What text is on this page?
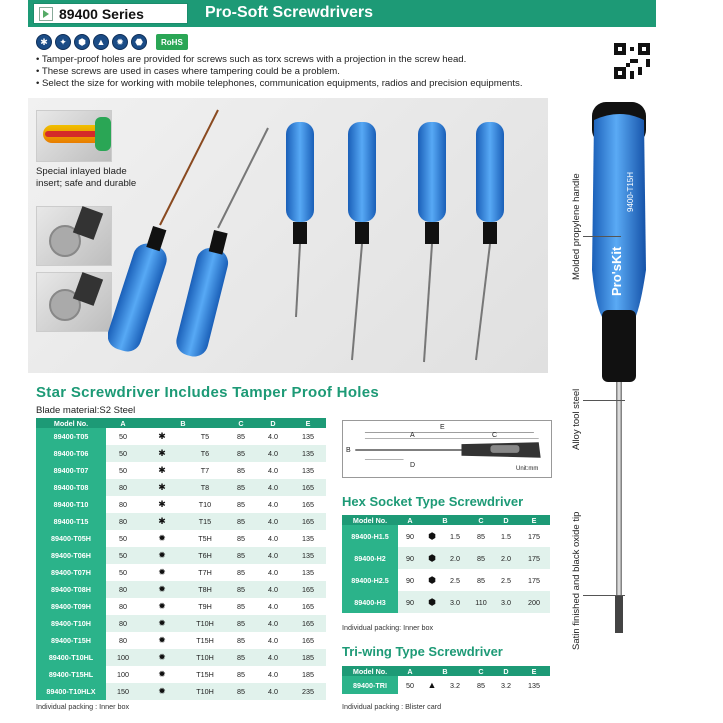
89400 Series	Pro-Soft Screwdrivers
✱	✦	⬢	▲	✹	⬣	RoHS
• Tamper-proof holes are provided for screws such as torx screws with a projection in the screw head.
• These screws are used in cases where tampering could be a problem.
• Select the size for working with mobile telephones, communication equipments, radios and precision equipments.
Special inlayed blade
insert; safe and durable
Pro'sKit
9400-T15H
Molded propylene handle
Alloy tool steel
Satin finished and black oxide tip
Star Screwdriver Includes Tamper Proof Holes
Blade material:S2 Steel
Model No.	A	B		C	D	E
89400-T05	50	✱	T5	85	4.0	135
89400-T06	50	✱	T6	85	4.0	135
89400-T07	50	✱	T7	85	4.0	135
89400-T08	80	✱	T8	85	4.0	165
89400-T10	80	✱	T10	85	4.0	165
89400-T15	80	✱	T15	85	4.0	165
89400-T05H	50	✹	T5H	85	4.0	135
89400-T06H	50	✹	T6H	85	4.0	135
89400-T07H	50	✹	T7H	85	4.0	135
89400-T08H	80	✹	T8H	85	4.0	165
89400-T09H	80	✹	T9H	85	4.0	165
89400-T10H	80	✹	T10H	85	4.0	165
89400-T15H	80	✹	T15H	85	4.0	165
89400-T10HL	100	✹	T10H	85	4.0	185
89400-T15HL	100	✹	T15H	85	4.0	185
89400-T10HLX	150	✹	T10H	85	4.0	235
Individual packing : Inner box
E
A	C
B
D	Unit:mm
Hex Socket Type Screwdriver
Model No.	A	B		C	D	E
89400-H1.5	90	⬢	1.5	85	1.5	175
89400-H2	90	⬢	2.0	85	2.0	175
89400-H2.5	90	⬢	2.5	85	2.5	175
89400-H3	90	⬢	3.0	110	3.0	200
Individual packing: Inner box
Tri-wing Type Screwdriver
Model No.	A	B		C	D	E
89400-TRI	50	▲	3.2	85	3.2	135
Individual packing : Blister card
